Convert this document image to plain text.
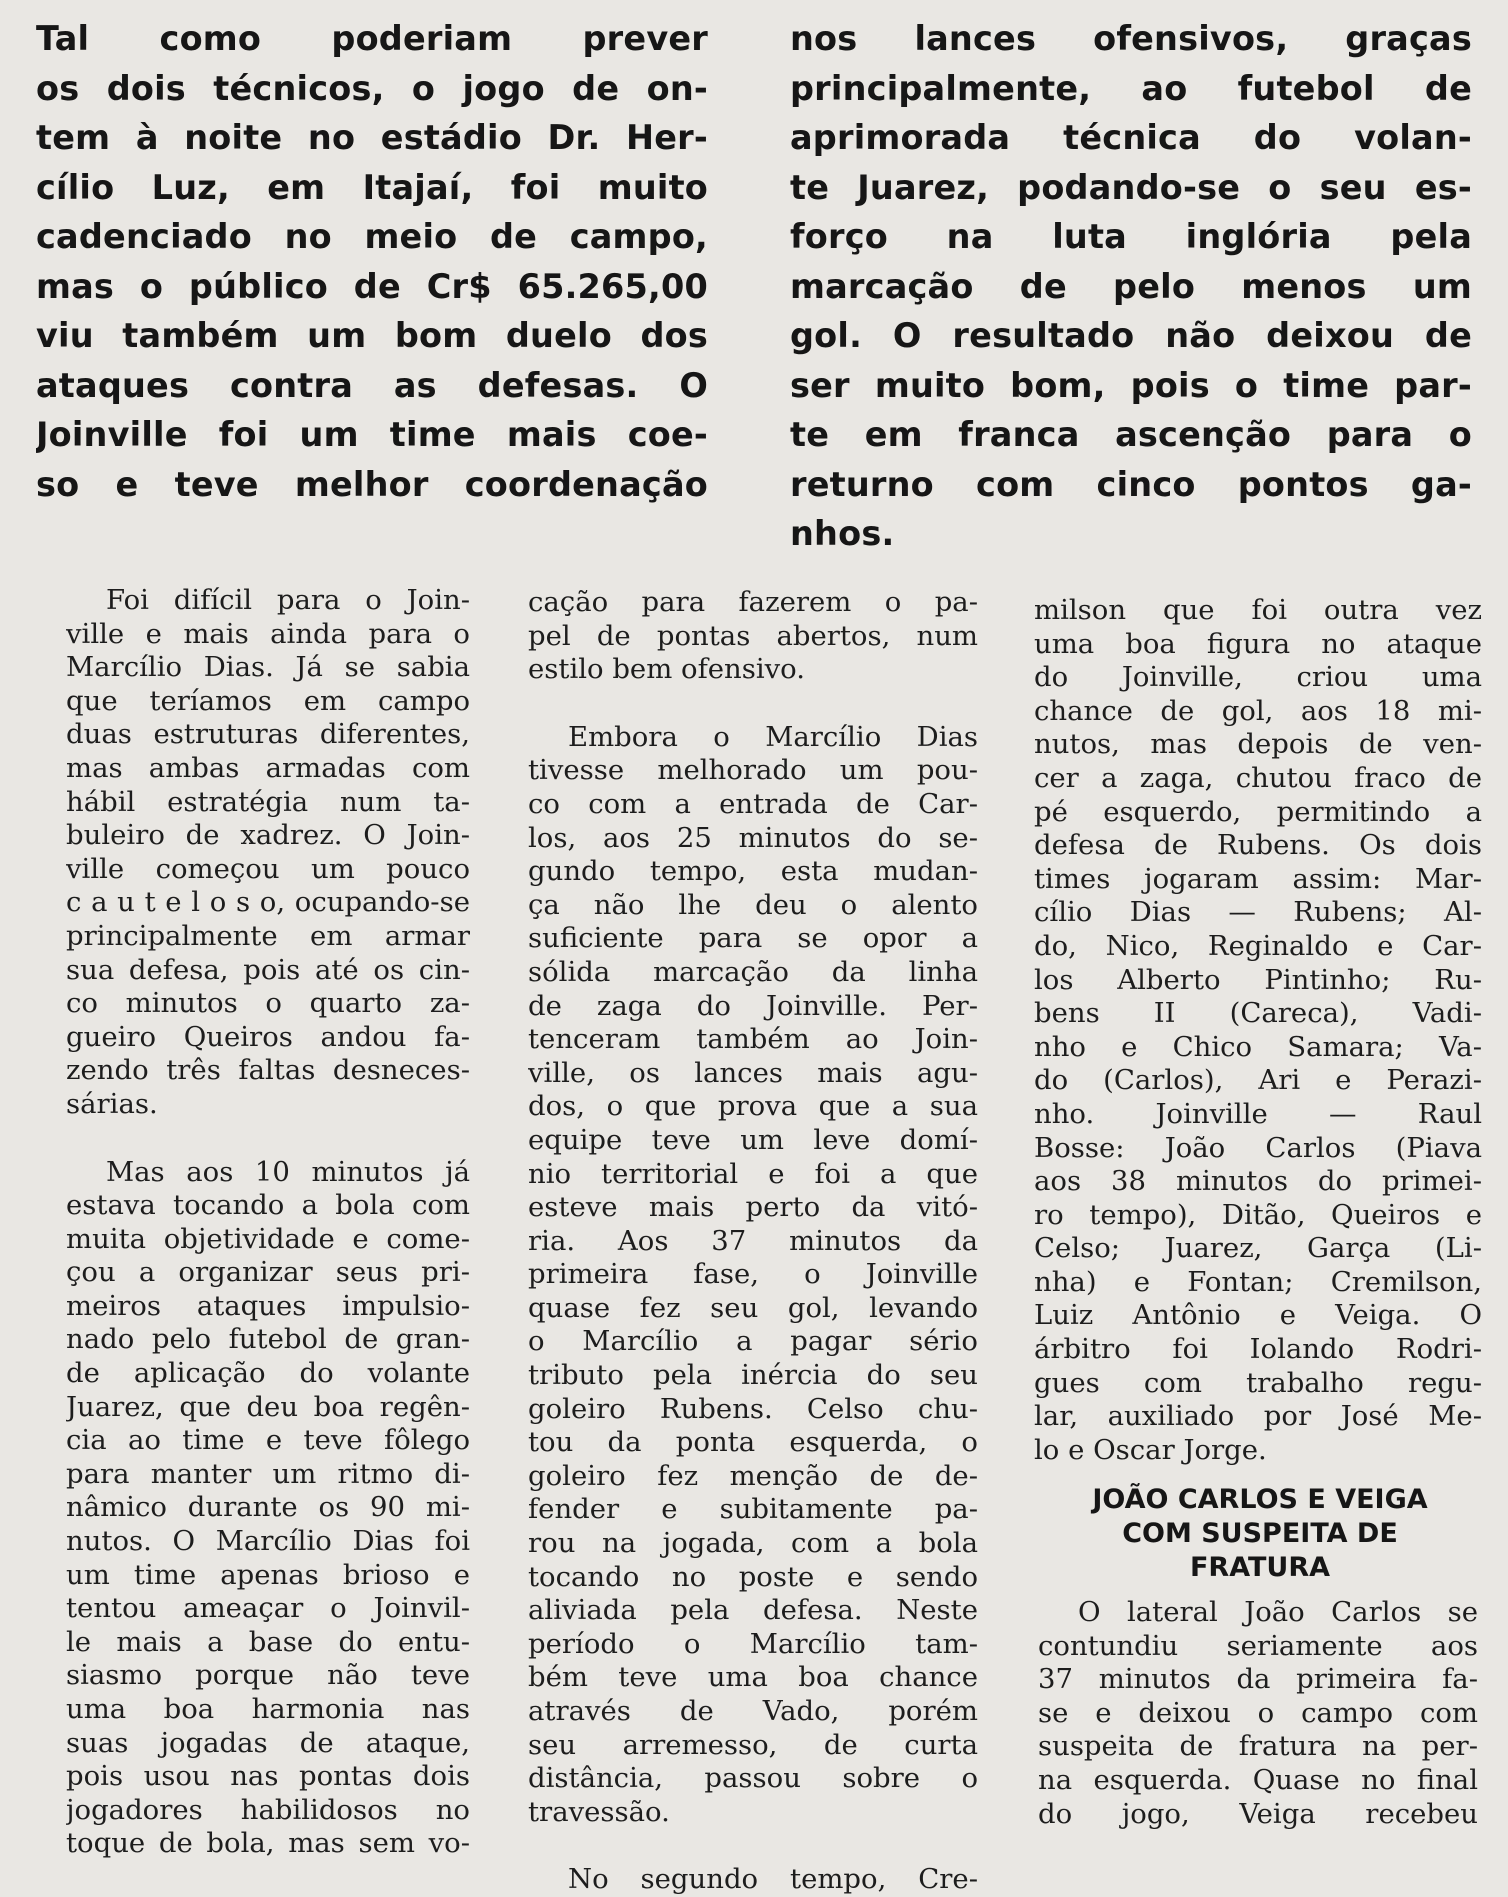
Tal como poderiam prever
os dois técnicos, o jogo de on-
tem à noite no estádio Dr. Her-
cílio Luz, em Itajaí, foi muito
cadenciado no meio de campo,
mas o público de Cr$ 65.265,00
viu também um bom duelo dos
ataques contra as defesas. O
Joinville foi um time mais coe-
so e teve melhor coordenação
nos lances ofensivos, graças
principalmente, ao futebol de
aprimorada técnica do volan-
te Juarez, podando-se o seu es-
forço na luta inglória pela
marcação de pelo menos um
gol. O resultado não deixou de
ser muito bom, pois o time par-
te em franca ascenção para o
returno com cinco pontos ga-
nhos.
Foi difícil para o Join-
ville e mais ainda para o
Marcílio Dias. Já se sabia
que teríamos em campo
duas estruturas diferentes,
mas ambas armadas com
hábil estratégia num ta-
buleiro de xadrez. O Join-
ville começou um pouco
c a u t e l o s o, ocupando-se
principalmente em armar
sua defesa, pois até os cin-
co minutos o quarto za-
gueiro Queiros andou fa-
zendo três faltas desneces-
sárias.
Mas aos 10 minutos já
estava tocando a bola com
muita objetividade e come-
çou a organizar seus pri-
meiros ataques impulsio-
nado pelo futebol de gran-
de aplicação do volante
Juarez, que deu boa regên-
cia ao time e teve fôlego
para manter um ritmo di-
nâmico durante os 90 mi-
nutos. O Marcílio Dias foi
um time apenas brioso e
tentou ameaçar o Joinvil-
le mais a base do entu-
siasmo porque não teve
uma boa harmonia nas
suas jogadas de ataque,
pois usou nas pontas dois
jogadores habilidosos no
toque de bola, mas sem vo-
cação para fazerem o pa-
pel de pontas abertos, num
estilo bem ofensivo.
Embora o Marcílio Dias
tivesse melhorado um pou-
co com a entrada de Car-
los, aos 25 minutos do se-
gundo tempo, esta mudan-
ça não lhe deu o alento
suficiente para se opor a
sólida marcação da linha
de zaga do Joinville. Per-
tenceram também ao Join-
ville, os lances mais agu-
dos, o que prova que a sua
equipe teve um leve domí-
nio territorial e foi a que
esteve mais perto da vitó-
ria. Aos 37 minutos da
primeira fase, o Joinville
quase fez seu gol, levando
o Marcílio a pagar sério
tributo pela inércia do seu
goleiro Rubens. Celso chu-
tou da ponta esquerda, o
goleiro fez menção de de-
fender e subitamente pa-
rou na jogada, com a bola
tocando no poste e sendo
aliviada pela defesa. Neste
período o Marcílio tam-
bém teve uma boa chance
através de Vado, porém
seu arremesso, de curta
distância, passou sobre o
travessão.
No segundo tempo, Cre-
milson que foi outra vez
uma boa figura no ataque
do Joinville, criou uma
chance de gol, aos 18 mi-
nutos, mas depois de ven-
cer a zaga, chutou fraco de
pé esquerdo, permitindo a
defesa de Rubens. Os dois
times jogaram assim: Mar-
cílio Dias — Rubens; Al-
do, Nico, Reginaldo e Car-
los Alberto Pintinho; Ru-
bens II (Careca), Vadi-
nho e Chico Samara; Va-
do (Carlos), Ari e Perazi-
nho. Joinville — Raul
Bosse: João Carlos (Piava
aos 38 minutos do primei-
ro tempo), Ditão, Queiros e
Celso; Juarez, Garça (Li-
nha) e Fontan; Cremilson,
Luiz Antônio e Veiga. O
árbitro foi Iolando Rodri-
gues com trabalho regu-
lar, auxiliado por José Me-
lo e Oscar Jorge.
JOÃO CARLOS E VEIGA
COM SUSPEITA DE
FRATURA
O lateral João Carlos se
contundiu seriamente aos
37 minutos da primeira fa-
se e deixou o campo com
suspeita de fratura na per-
na esquerda. Quase no final
do jogo, Veiga recebeu
